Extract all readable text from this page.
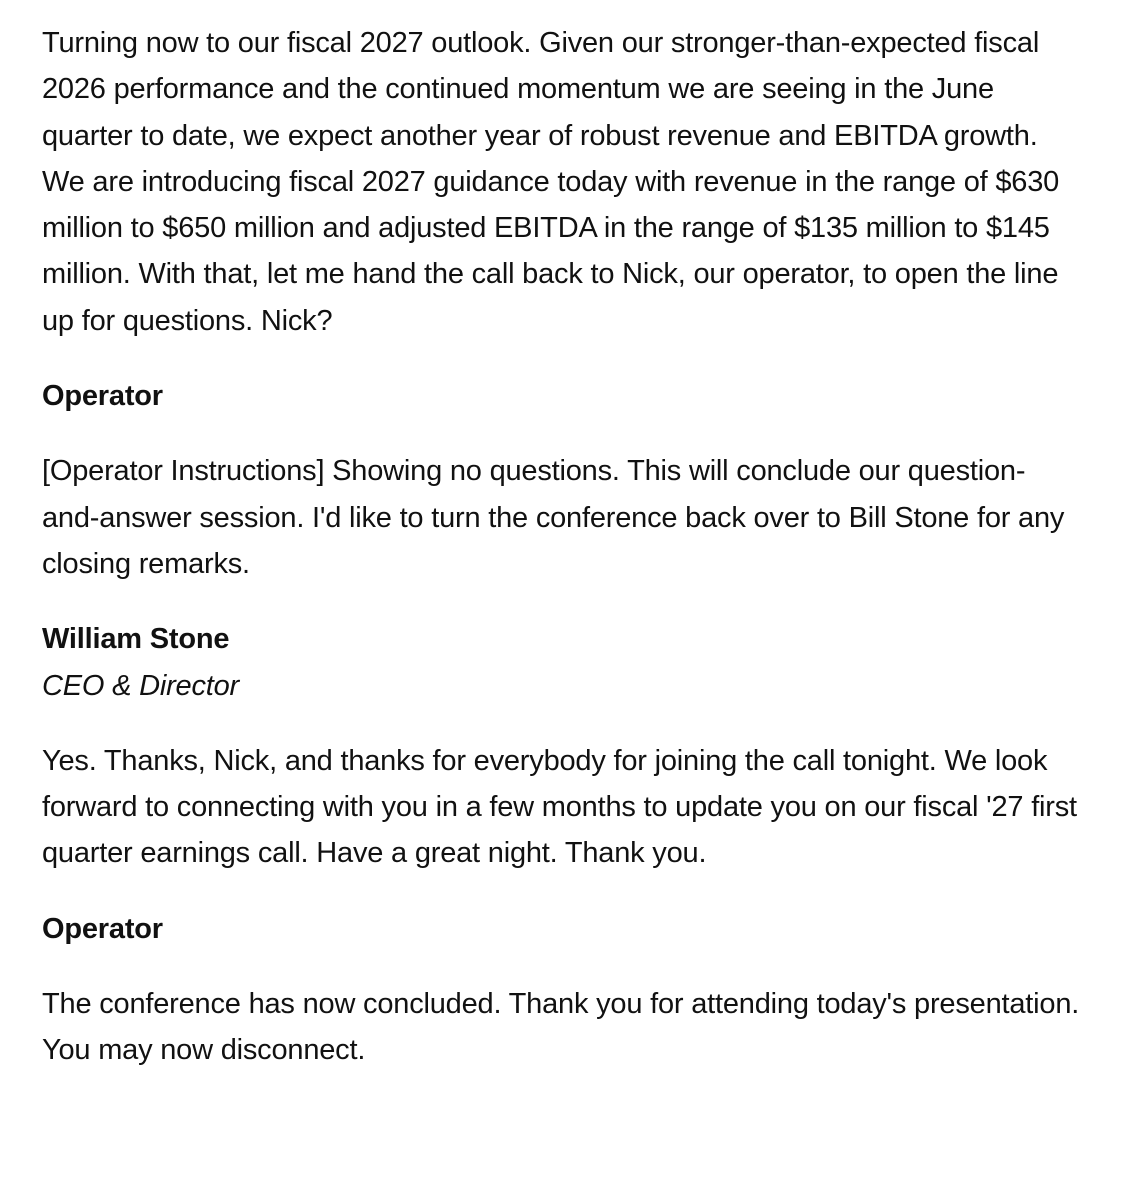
Turning now to our fiscal 2027 outlook. Given our stronger-than-expected fiscal 2026 performance and the continued momentum we are seeing in the June quarter to date, we expect another year of robust revenue and EBITDA growth. We are introducing fiscal 2027 guidance today with revenue in the range of $630 million to $650 million and adjusted EBITDA in the range of $135 million to $145 million. With that, let me hand the call back to Nick, our operator, to open the line up for questions. Nick?

Operator

[Operator Instructions] Showing no questions. This will conclude our question-and-answer session. I'd like to turn the conference back over to Bill Stone for any closing remarks.

William Stone

CEO & Director

Yes. Thanks, Nick, and thanks for everybody for joining the call tonight. We look forward to connecting with you in a few months to update you on our fiscal '27 first quarter earnings call. Have a great night. Thank you.

Operator

The conference has now concluded. Thank you for attending today's presentation. You may now disconnect.
